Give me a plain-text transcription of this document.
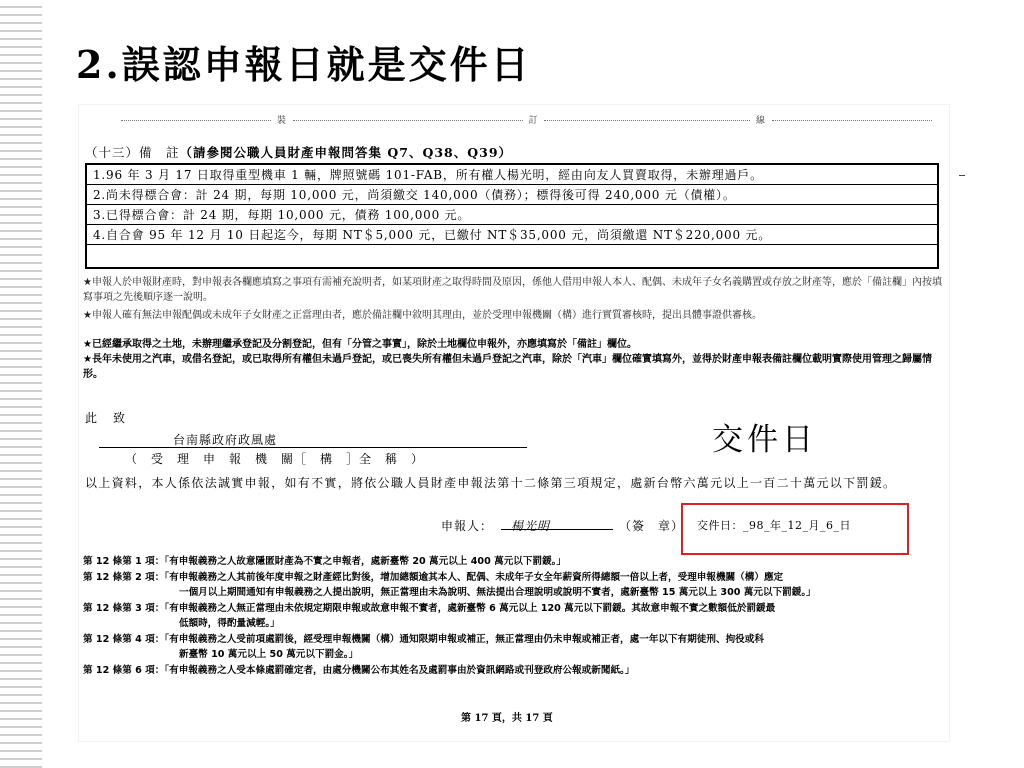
2.誤認申報日就是交件日
裝	訂	線
（十三）備　註（請參閱公職人員財產申報問答集 Q7、Q38、Q39）
1.96 年 3 月 17 日取得重型機車 1 輛，牌照號碼 101-FAB，所有權人楊光明，經由向友人買賣取得，未辦理過戶。
2.尚未得標合會：計 24 期，每期 10,000 元，尚須繳交 140,000（債務）；標得後可得 240,000 元（債權）。
3.已得標合會：計 24 期，每期 10,000 元，債務 100,000 元。
4.自合會 95 年 12 月 10 日起迄今，每期 NT＄5,000 元，已繳付 NT＄35,000 元，尚須繳還 NT＄220,000 元。

★申報人於申報財產時，對申報表各欄應填寫之事項有需補充說明者，如某項財產之取得時間及原因，係他人借用申報人本人、配偶、未成年子女名義購置或存放之財產等，應於「備註欄」內按填寫事項之先後順序逐一說明。
★申報人確有無法申報配偶或未成年子女財產之正當理由者，應於備註欄中敘明其理由，並於受理申報機關（構）進行實質審核時，提出具體事證供審核。
★已經繼承取得之土地，未辦理繼承登記及分割登記，但有「分管之事實」，除於土地欄位申報外，亦應填寫於「備註」欄位。
★長年未使用之汽車，或借名登記，或已取得所有權但未過戶登記，或已喪失所有權但未過戶登記之汽車，除於「汽車」欄位確實填寫外，並得於財產申報表備註欄位載明實際使用管理之歸屬情形。
此　致
台南縣政府政風處
（　受　理　申　報　機　關［　構　］全　稱　）
以上資料，本人係依法誠實申報，如有不實，將依公職人員財產申報法第十二條第三項規定，處新台幣六萬元以上一百二十萬元以下罰鍰。
申報人： 楊光明	（簽　章） 交件日：_98_年_12_月_6_日
第 12 條第 1 項：「有申報義務之人故意隱匿財產為不實之申報者，處新臺幣 20 萬元以上 400 萬元以下罰鍰。」
第 12 條第 2 項：「有申報義務之人其前後年度申報之財產經比對後，增加總額逾其本人、配偶、未成年子女全年薪資所得總額一倍以上者，受理申報機關（構）應定
一個月以上期間通知有申報義務之人提出說明，無正當理由未為說明、無法提出合理說明或說明不實者，處新臺幣 15 萬元以上 300 萬元以下罰鍰。」
第 12 條第 3 項：「有申報義務之人無正當理由未依規定期限申報或故意申報不實者，處新臺幣 6 萬元以上 120 萬元以下罰鍰。其故意申報不實之數額低於罰鍰最
低額時，得酌量減輕。」
第 12 條第 4 項：「有申報義務之人受前項處罰後，經受理申報機關（構）通知限期申報或補正，無正當理由仍未申報或補正者，處一年以下有期徒刑、拘役或科
新臺幣 10 萬元以上 50 萬元以下罰金。」
第 12 條第 6 項：「有申報義務之人受本條處罰確定者，由處分機關公布其姓名及處罰事由於資訊網路或刊登政府公報或新聞紙。」
第 17 頁，共 17 頁
交件日
